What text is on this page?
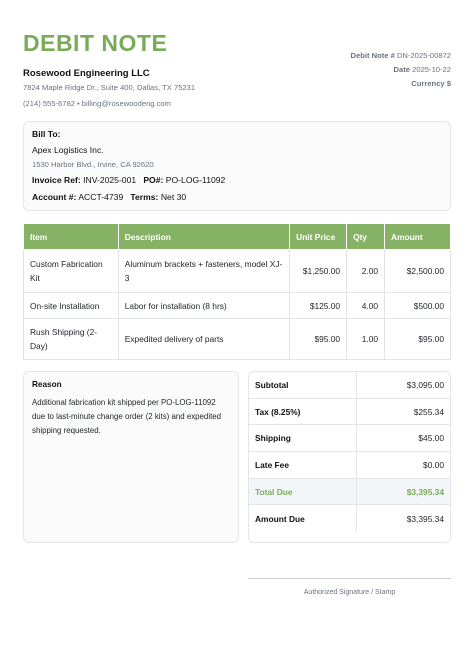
DEBIT NOTE
Rosewood Engineering LLC
7824 Maple Ridge Dr., Suite 400, Dallas, TX 75231
(214) 555-6782 • billing@rosewoodeng.com
Debit Note # DN-2025-00872
Date 2025-10-22
Currency $
Bill To:
Apex Logistics Inc.
1530 Harbor Blvd., Irvine, CA 92620
Invoice Ref: INV-2025-001 PO#: PO-LOG-11092
Account #: ACCT-4739 Terms: Net 30
Item	Description	Unit Price	Qty	Amount
Custom Fabrication Kit	Aluminum brackets + fasteners, model XJ-3	$1,250.00	2.00	$2,500.00
On-site Installation	Labor for installation (8 hrs)	$125.00	4.00	$500.00
Rush Shipping (2-Day)	Expedited delivery of parts	$95.00	1.00	$95.00
Reason
Additional fabrication kit shipped per PO-LOG-11092 due to last-minute change order (2 kits) and expedited shipping requested.
Subtotal	$3,095.00
Tax (8.25%)	$255.34
Shipping	$45.00
Late Fee	$0.00
Total Due	$3,395.34
Amount Due	$3,395.34
Authorized Signature / Stamp
